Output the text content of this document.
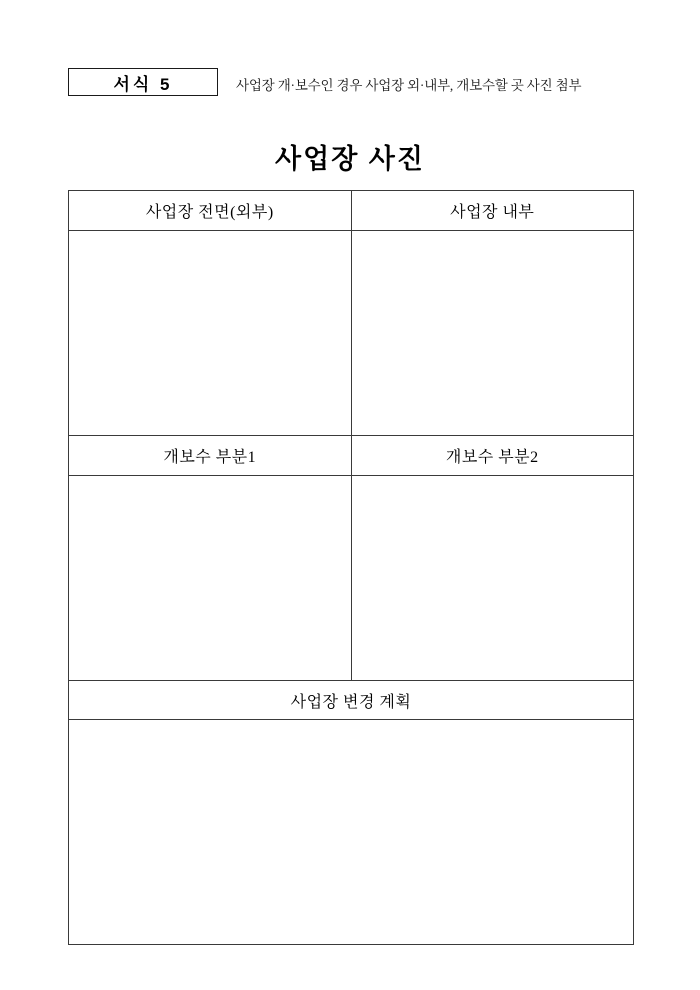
서식 5	사업장 개·보수인 경우 사업장 외·내부, 개보수할 곳 사진 첨부
사업장 사진
사업장 전면(외부)	사업장 내부

개보수 부분1	개보수 부분2

사업장 변경 계획	
